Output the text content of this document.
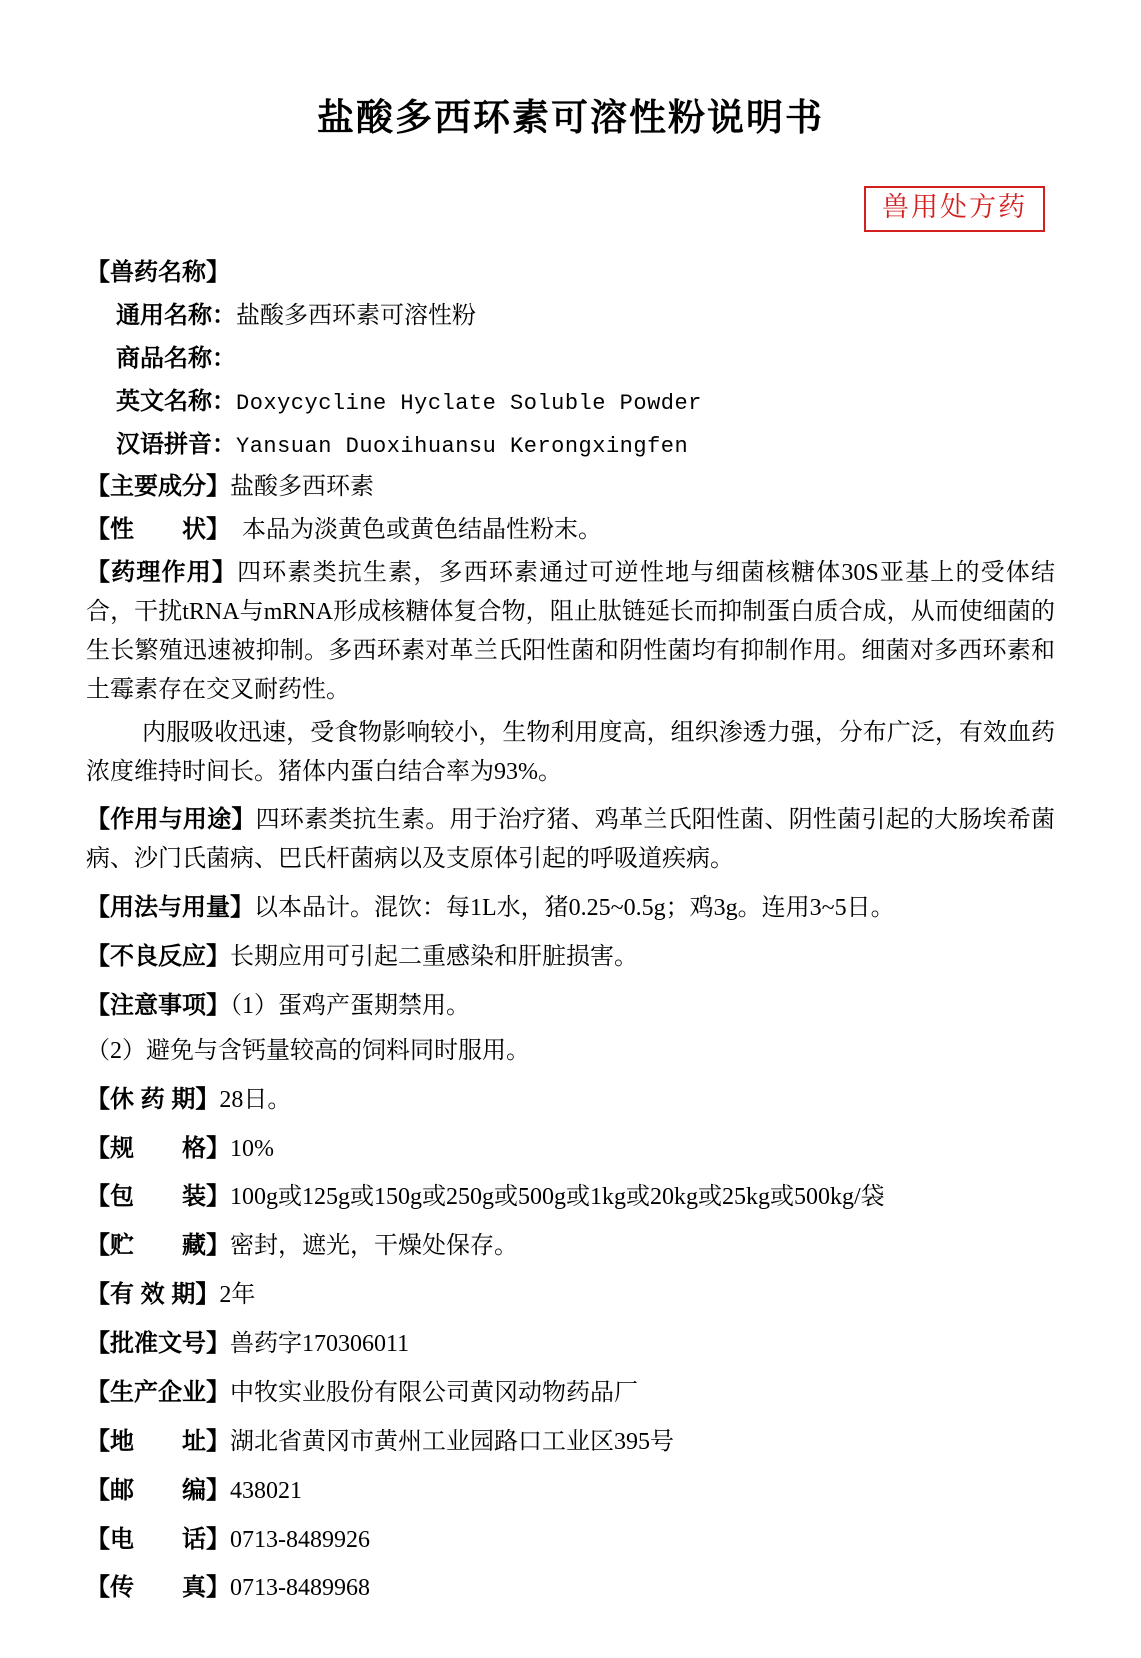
盐酸多西环素可溶性粉说明书
兽用处方药

【兽药名称】

通用名称：盐酸多西环素可溶性粉

商品名称：

英文名称：Doxycycline Hyclate Soluble Powder

汉语拼音：Yansuan Duoxihuansu Kerongxingfen

【主要成分】盐酸多西环素

【性　　状】　本品为淡黄色或黄色结晶性粉末。

【药理作用】四环素类抗生素，多西环素通过可逆性地与细菌核糖体30S亚基上的受体结合，干扰tRNA与mRNA形成核糖体复合物，阻止肽链延长而抑制蛋白质合成，从而使细菌的生长繁殖迅速被抑制。多西环素对革兰氏阳性菌和阴性菌均有抑制作用。细菌对多西环素和土霉素存在交叉耐药性。

内服吸收迅速，受食物影响较小，生物利用度高，组织渗透力强，分布广泛，有效血药浓度维持时间长。猪体内蛋白结合率为93%。

【作用与用途】四环素类抗生素。用于治疗猪、鸡革兰氏阳性菌、阴性菌引起的大肠埃希菌病、沙门氏菌病、巴氏杆菌病以及支原体引起的呼吸道疾病。

【用法与用量】以本品计。混饮：每1L水，猪0.25~0.5g；鸡3g。连用3~5日。

【不良反应】长期应用可引起二重感染和肝脏损害。

【注意事项】（1）蛋鸡产蛋期禁用。

（2）避免与含钙量较高的饲料同时服用。

【休 药 期】28日。

【规　　格】10%

【包　　装】100g或125g或150g或250g或500g或1kg或20kg或25kg或500kg/袋

【贮　　藏】密封，遮光，干燥处保存。

【有 效 期】2年

【批准文号】兽药字170306011

【生产企业】中牧实业股份有限公司黄冈动物药品厂

【地　　址】湖北省黄冈市黄州工业园路口工业区395号

【邮　　编】438021

【电　　话】0713-8489926

【传　　真】0713-8489968
